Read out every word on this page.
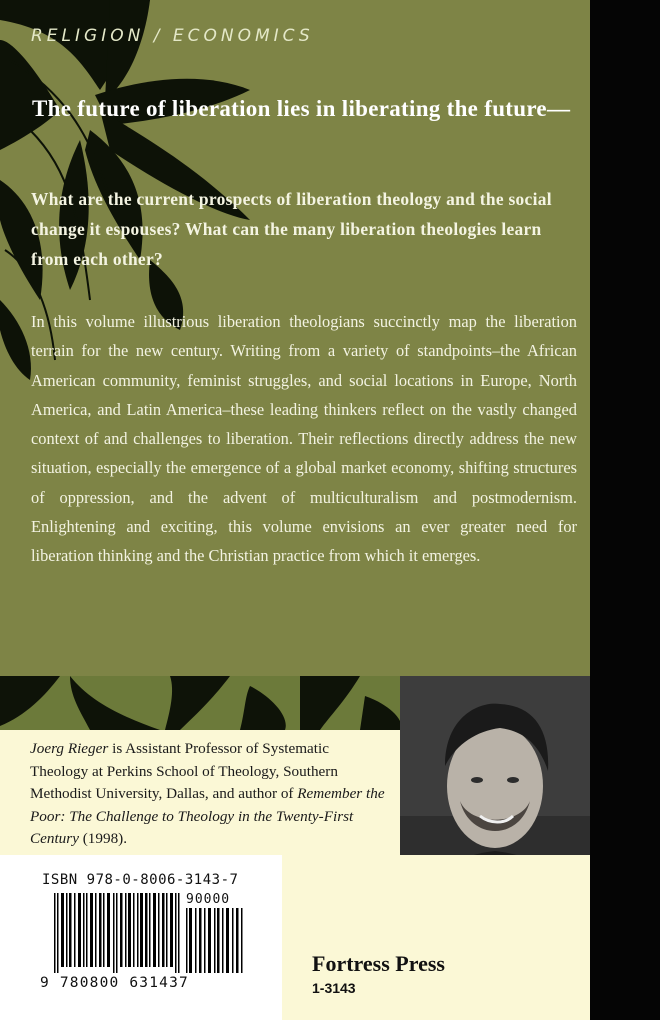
RELIGION / ECONOMICS
The future of liberation lies in liberating the future—
What are the current prospects of liberation theology and the social change it espouses? What can the many liberation theologies learn from each other?
In this volume illustrious liberation theologians succinctly map the liberation terrain for the new century. Writing from a variety of standpoints–the African American community, feminist struggles, and social locations in Europe, North America, and Latin America–these leading thinkers reflect on the vastly changed context of and challenges to liberation. Their reflections directly address the new situation, especially the emergence of a global market economy, shifting structures of oppression, and the advent of multiculturalism and postmodernism. Enlightening and exciting, this volume envisions an ever greater need for liberation thinking and the Christian practice from which it emerges.
Joerg Rieger is Assistant Professor of Systematic Theology at Perkins School of Theology, Southern Methodist University, Dallas, and author of Remember the Poor: The Challenge to Theology in the Twenty-First Century (1998).
ISBN 978-0-8006-3143-7
90000
9 780800 631437
Fortress Press
1-3143
